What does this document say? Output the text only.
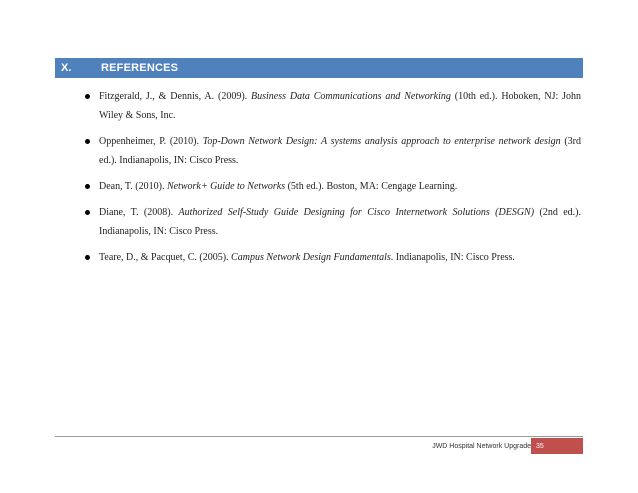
X.	REFERENCES
Fitzgerald, J., & Dennis, A. (2009). Business Data Communications and Networking (10th ed.). Hoboken, NJ: John Wiley & Sons, Inc.
Oppenheimer, P. (2010). Top-Down Network Design: A systems analysis approach to enterprise network design (3rd ed.). Indianapolis, IN: Cisco Press.
Dean, T. (2010). Network+ Guide to Networks (5th ed.). Boston, MA: Cengage Learning.
Diane, T. (2008). Authorized Self-Study Guide Designing for Cisco Internetwork Solutions (DESGN) (2nd ed.). Indianapolis, IN: Cisco Press.
Teare, D., & Pacquet, C. (2005). Campus Network Design Fundamentals. Indianapolis, IN: Cisco Press.
JWD Hospital Network Upgrade 35
